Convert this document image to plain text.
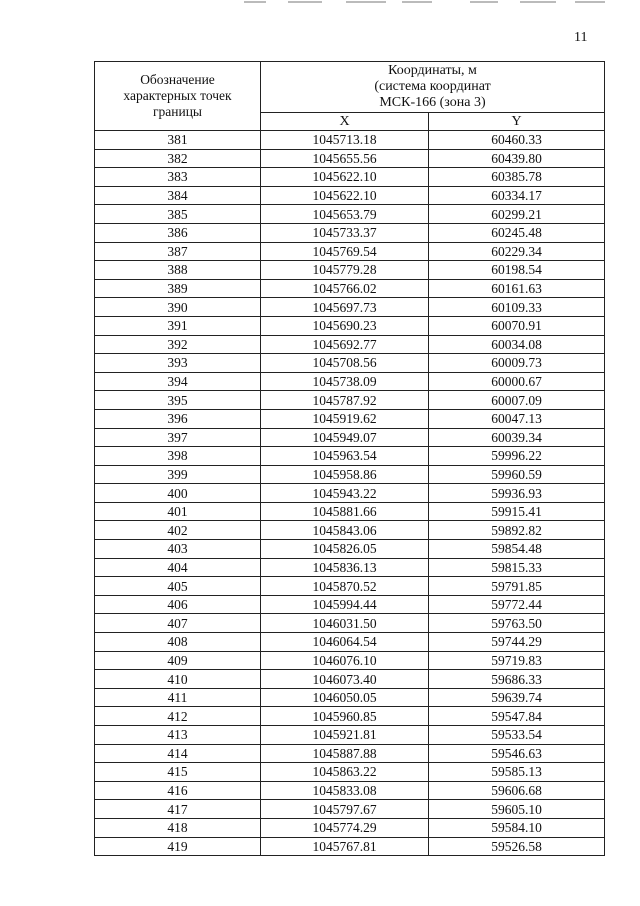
11
Обозначение характерных точек границы	Координаты, м
(система координат
МСК-166 (зона 3)	

	X	Y
381	1045713.18	60460.33
382	1045655.56	60439.80
383	1045622.10	60385.78
384	1045622.10	60334.17
385	1045653.79	60299.21
386	1045733.37	60245.48
387	1045769.54	60229.34
388	1045779.28	60198.54
389	1045766.02	60161.63
390	1045697.73	60109.33
391	1045690.23	60070.91
392	1045692.77	60034.08
393	1045708.56	60009.73
394	1045738.09	60000.67
395	1045787.92	60007.09
396	1045919.62	60047.13
397	1045949.07	60039.34
398	1045963.54	59996.22
399	1045958.86	59960.59
400	1045943.22	59936.93
401	1045881.66	59915.41
402	1045843.06	59892.82
403	1045826.05	59854.48
404	1045836.13	59815.33
405	1045870.52	59791.85
406	1045994.44	59772.44
407	1046031.50	59763.50
408	1046064.54	59744.29
409	1046076.10	59719.83
410	1046073.40	59686.33
411	1046050.05	59639.74
412	1045960.85	59547.84
413	1045921.81	59533.54
414	1045887.88	59546.63
415	1045863.22	59585.13
416	1045833.08	59606.68
417	1045797.67	59605.10
418	1045774.29	59584.10
419	1045767.81	59526.58
